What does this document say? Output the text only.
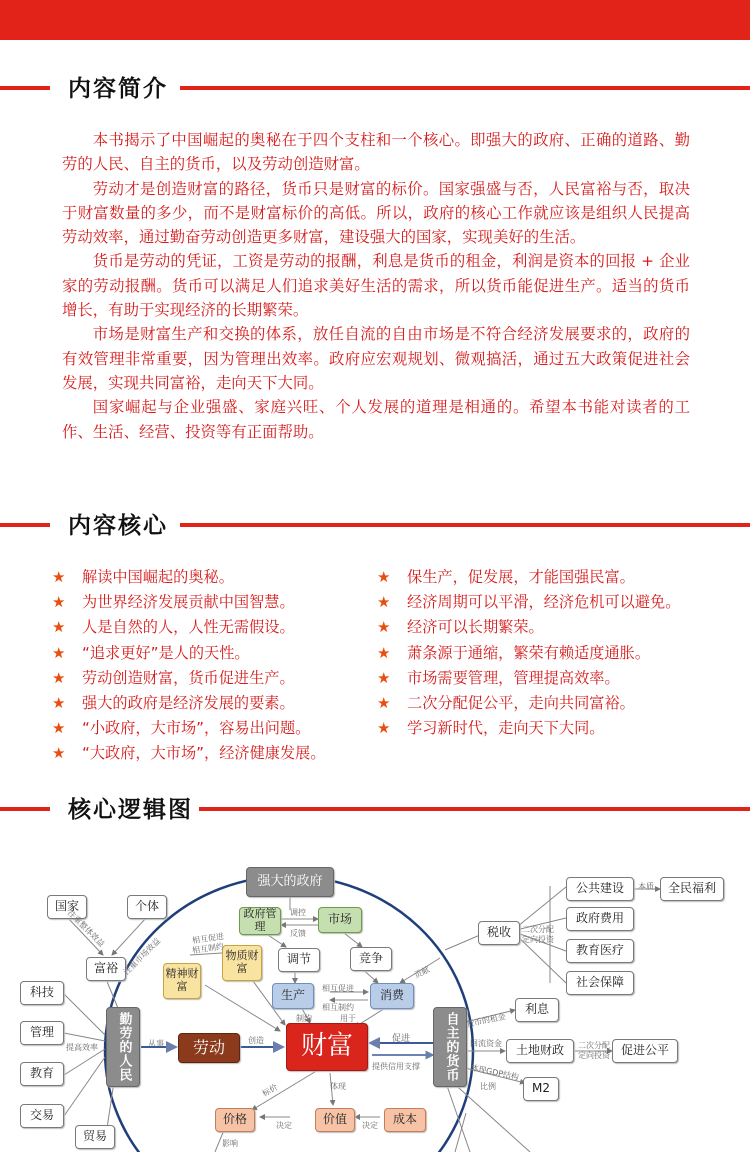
内容简介

本书揭示了中国崛起的奥秘在于四个支柱和一个核心。即强大的政府、正确的道路、勤劳的人民、自主的货币，以及劳动创造财富。

劳动才是创造财富的路径，货币只是财富的标价。国家强盛与否，人民富裕与否，取决于财富数量的多少，而不是财富标价的高低。所以，政府的核心工作就应该是组织人民提高劳动效率，通过勤奋劳动创造更多财富，建设强大的国家，实现美好的生活。

货币是劳动的凭证，工资是劳动的报酬，利息是货币的租金，利润是资本的回报 + 企业家的劳动报酬。货币可以满足人们追求美好生活的需求，所以货币能促进生产。适当的货币增长，有助于实现经济的长期繁荣。

市场是财富生产和交换的体系，放任自流的自由市场是不符合经济发展要求的，政府的有效管理非常重要，因为管理出效率。政府应宏观规划、微观搞活，通过五大政策促进社会发展，实现共同富裕，走向天下大同。

国家崛起与企业强盛、家庭兴旺、个人发展的道理是相通的。希望本书能对读者的工作、生活、经营、投资等有正面帮助。

内容核心
★ 解读中国崛起的奥秘。
★ 为世界经济发展贡献中国智慧。
★ 人是自然的人，人性无需假设。
★ “追求更好”是人的天性。
★ 劳动创造财富，货币促进生产。
★ 强大的政府是经济发展的要素。
★ “小政府，大市场”，容易出问题。
★ “大政府，大市场”，经济健康发展。
★ 保生产，促发展，才能国强民富。
★ 经济周期可以平滑，经济危机可以避免。
★ 经济可以长期繁荣。
★ 萧条源于通缩，繁荣有赖适度通胀。
★ 市场需要管理，管理提高效率。
★ 二次分配促公平，走向共同富裕。
★ 学习新时代，走向天下大同。
核心逻辑图
强大的政府
政府管理
市场
调节	竞争
精神财富
物质财富
生产	消费
劳动	财富
勤劳的人民	自主的货币
价格	价值	成本
国家	个体
富裕
科技
管理
教育
交易
贸易
税收
公共建设
政府费用
教育医疗
社会保障
全民福利
利息
土地财政	促进公平
M2
调控
反馈
相互促进
相互制约
相互促进
相互制约
创造	促进
从事
提高效率
提供信用支撑
决定	决定
贡献
二次分配定向投资
二次分配定向投资
货币的租金
回流资金
体现GDP结构
比例
本质
注重整体效益
注重市场效益
影响
标价	体现
用于
制约
